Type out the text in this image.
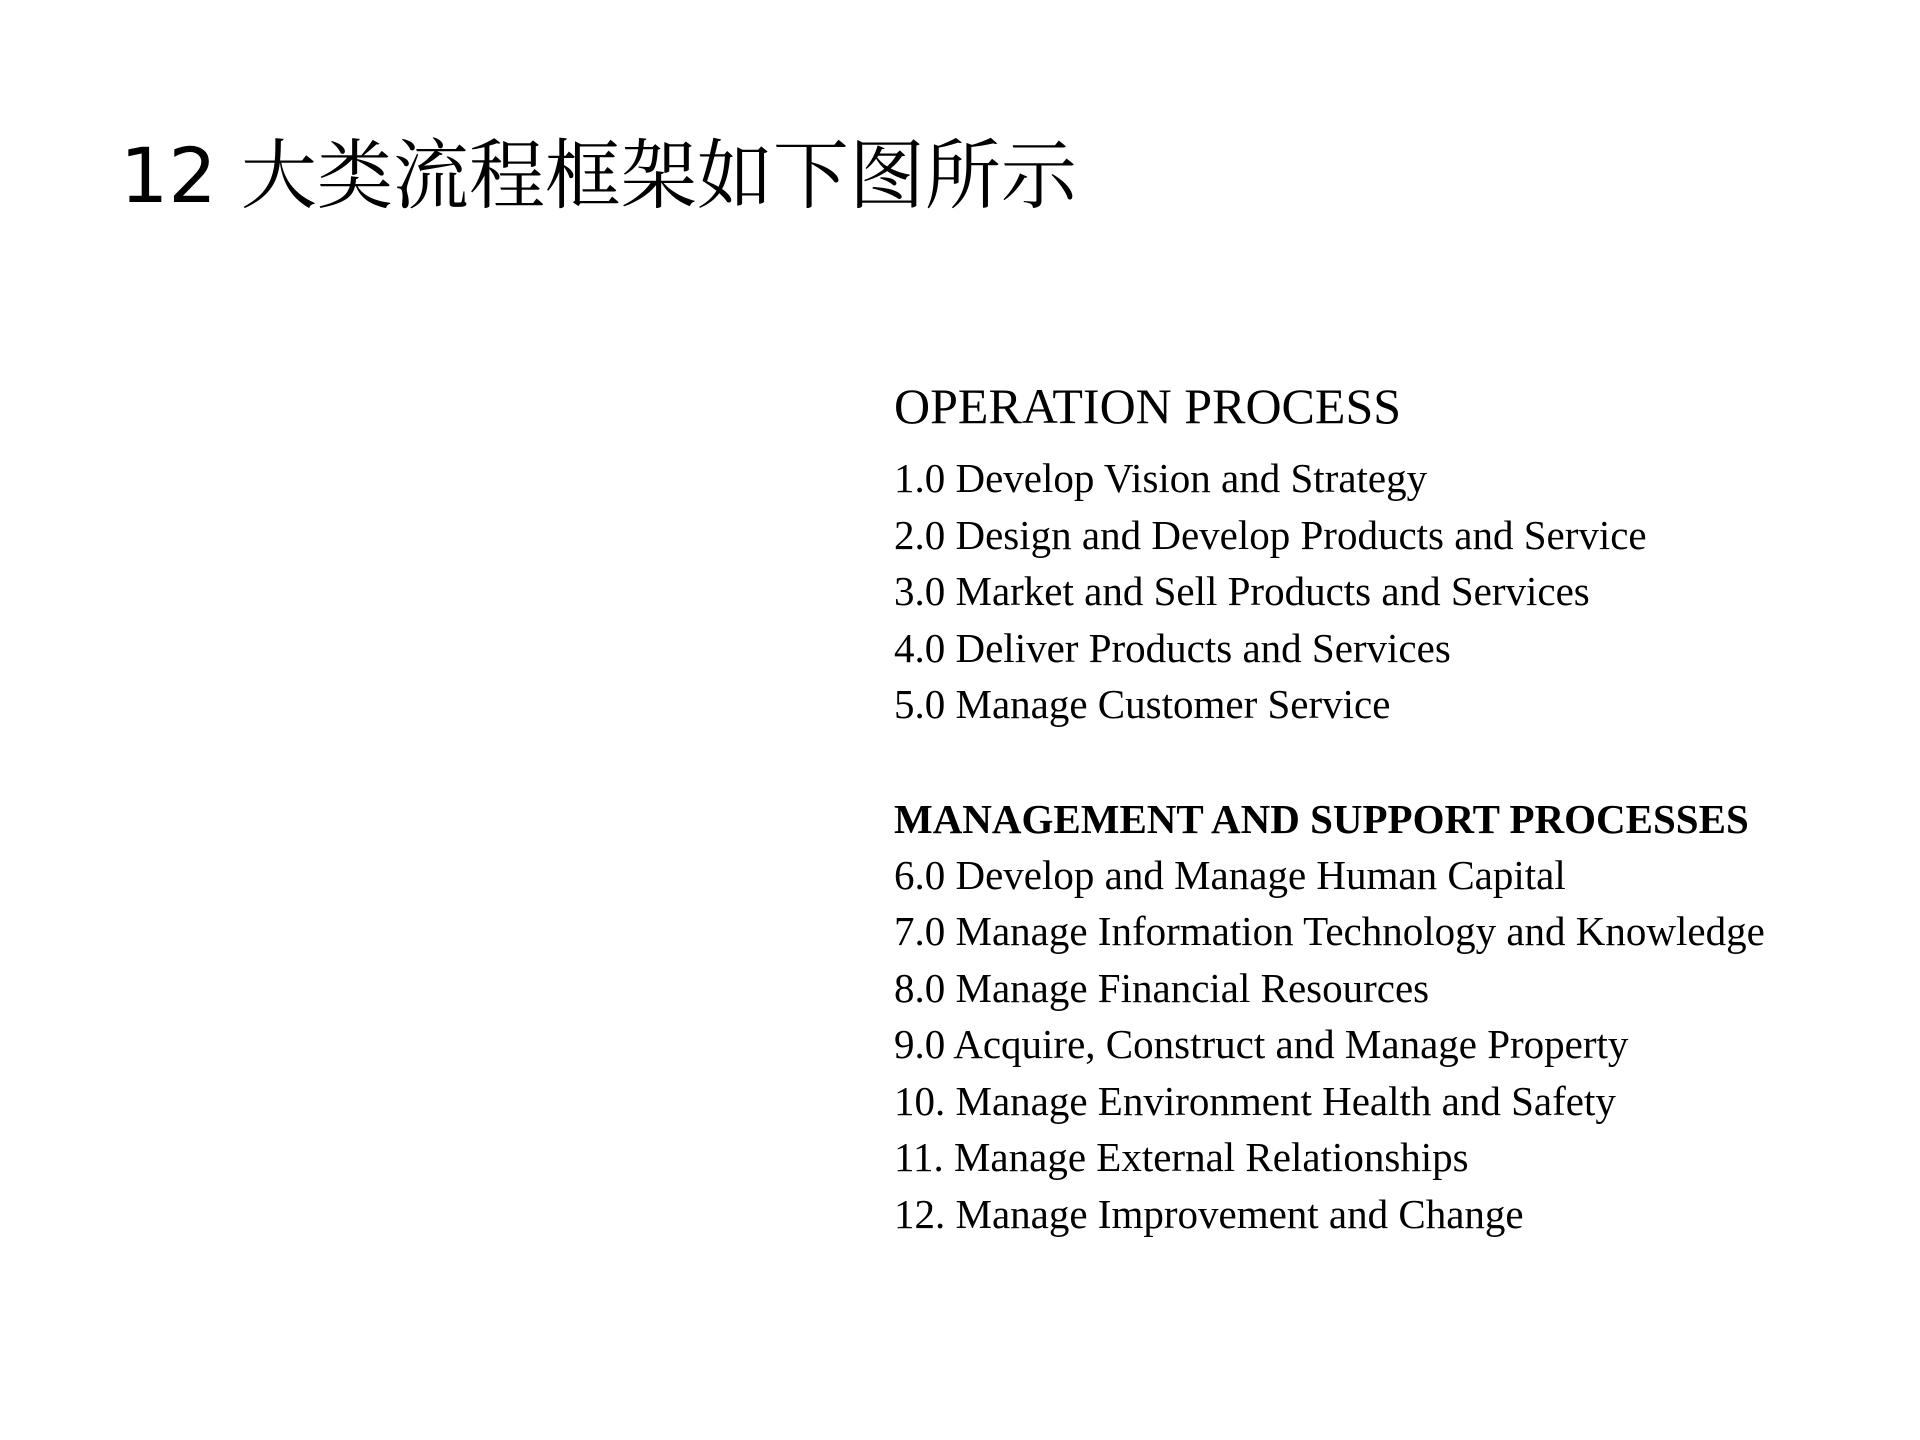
12 大类流程框架如下图所示
OPERATION PROCESS
1.0 Develop Vision and Strategy
2.0 Design and Develop Products and Service
3.0 Market and Sell Products and Services
4.0 Deliver Products and Services
5.0 Manage Customer Service
MANAGEMENT AND SUPPORT PROCESSES
6.0 Develop and Manage Human Capital
7.0 Manage Information Technology and Knowledge
8.0 Manage Financial Resources
9.0 Acquire, Construct and Manage Property
10. Manage Environment Health and Safety
11. Manage External Relationships
12. Manage Improvement and Change
